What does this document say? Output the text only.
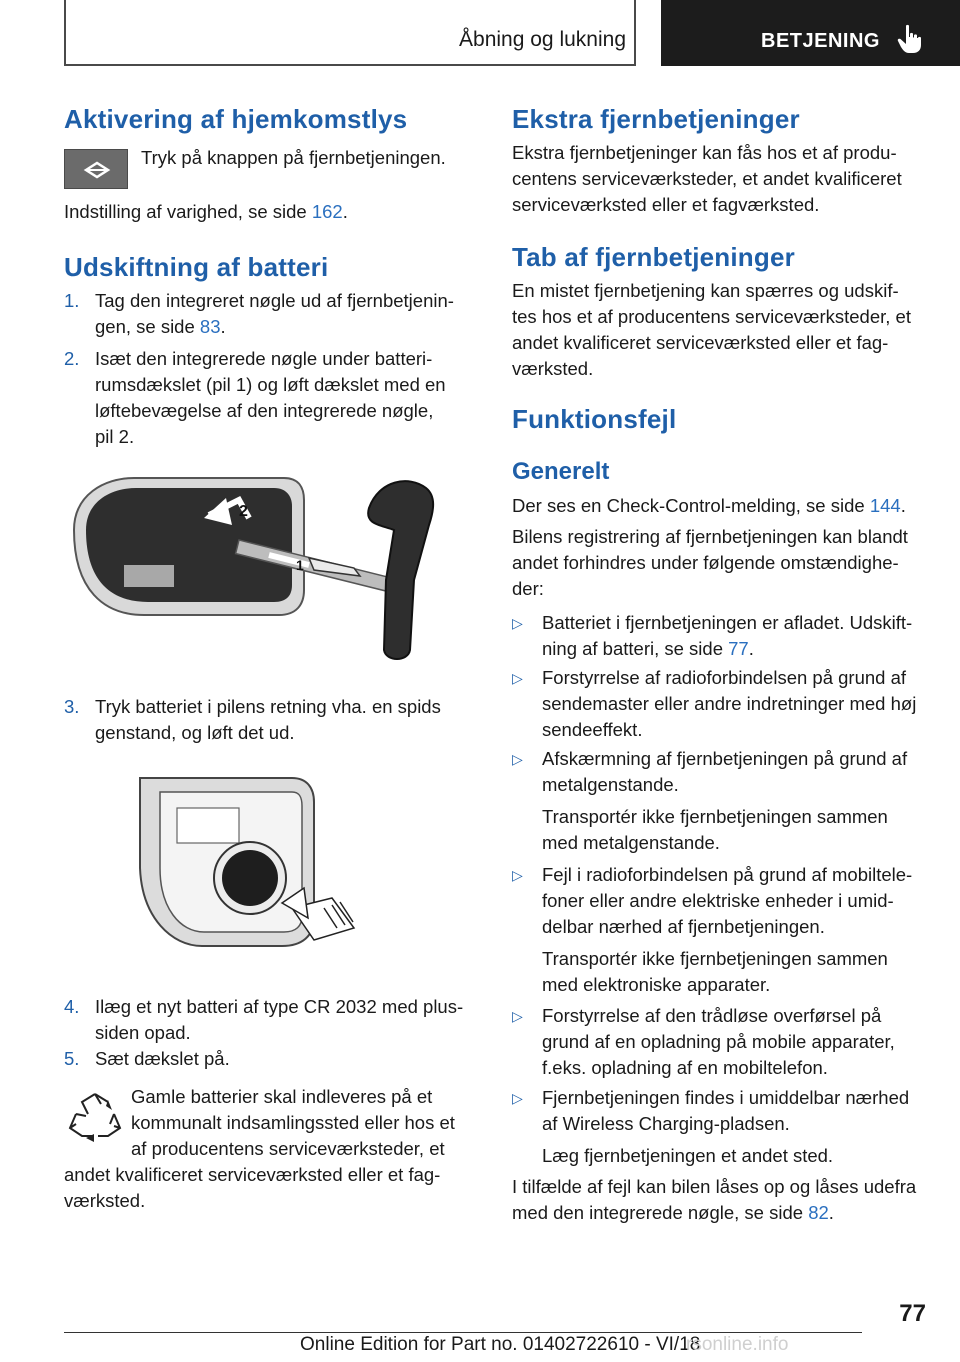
Åbning og lukning	BETJENING
Aktivering af hjemkomstlys
Tryk på knappen på fjernbetjeningen.
Indstilling af varighed, se side 162.
Udskiftning af batteri
1. Tag den integreret nøgle ud af fjernbetjenin-
gen, se side 83.
2. Isæt den integrerede nøgle under batteri-
rumsdækslet (pil 1) og løft dækslet med en
løftebevægelse af den integrerede nøgle,
pil 2.
2
1
3. Tryk batteriet i pilens retning vha. en spids
genstand, og løft det ud.
4. Ilæg et nyt batteri af type CR 2032 med plus-
siden opad.
5. Sæt dækslet på.
Gamle batterier skal indleveres på et
kommunalt indsamlingssted eller hos et
af producentens serviceværksteder, et
andet kvalificeret serviceværksted eller et fag-
værksted.
Ekstra fjernbetjeninger
Ekstra fjernbetjeninger kan fås hos et af produ-
centens serviceværksteder, et andet kvalificeret
serviceværksted eller et fagværksted.
Tab af fjernbetjeninger
En mistet fjernbetjening kan spærres og udskif-
tes hos et af producentens serviceværksteder, et
andet kvalificeret serviceværksted eller et fag-
værksted.
Funktionsfejl
Generelt
Der ses en Check-Control-melding, se side 144.
Bilens registrering af fjernbetjeningen kan blandt
andet forhindres under følgende omstændighe-
der:
▷ Batteriet i fjernbetjeningen er afladet. Udskift-
ning af batteri, se side 77.
▷ Forstyrrelse af radioforbindelsen på grund af
sendemaster eller andre indretninger med høj
sendeeffekt.
▷ Afskærmning af fjernbetjeningen på grund af
metalgenstande.
Transportér ikke fjernbetjeningen sammen
med metalgenstande.
▷ Fejl i radioforbindelsen på grund af mobiltele-
foner eller andre elektriske enheder i umid-
delbar nærhed af fjernbetjeningen.
Transportér ikke fjernbetjeningen sammen
med elektroniske apparater.
▷ Forstyrrelse af den trådløse overførsel på
grund af en opladning på mobile apparater,
f.eks. opladning af en mobiltelefon.
▷ Fjernbetjeningen findes i umiddelbar nærhed
af Wireless Charging-pladsen.
Læg fjernbetjeningen et andet sted.
I tilfælde af fejl kan bilen låses op og låses udefra
med den integrerede nøgle, se side 82.
77
Online Edition for Part no. 01402722610 - VI/18
rsonline.info
